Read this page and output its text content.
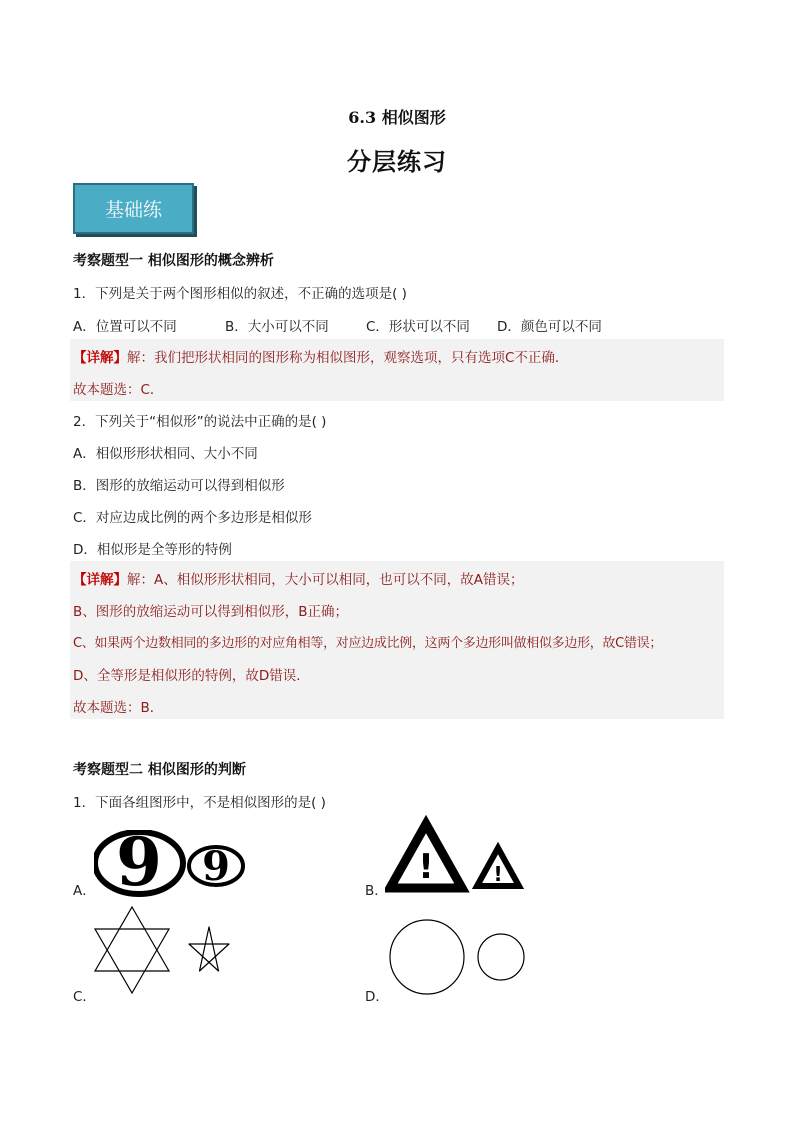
6.3 相似图形
分层练习
基础练
考察题型一 相似图形的概念辨析
1．下列是关于两个图形相似的叙述，不正确的选项是( )
A．位置可以不同	B．大小可以不同	C．形状可以不同 D．颜色可以不同
【详解】解：我们把形状相同的图形称为相似图形，观察选项，只有选项C不正确．
故本题选：C．
2．下列关于“相似形”的说法中正确的是( )
A．相似形形状相同、大小不同
B．图形的放缩运动可以得到相似形
C．对应边成比例的两个多边形是相似形
D．相似形是全等形的特例
【详解】解：A、相似形形状相同，大小可以相同，也可以不同，故A错误；
B、图形的放缩运动可以得到相似形，B正确；
C、如果两个边数相同的多边形的对应角相等，对应边成比例，这两个多边形叫做相似多边形，故C错误；
D、全等形是相似形的特例，故D错误．
故本题选：B．
考察题型二 相似图形的判断
1．下面各组图形中，不是相似图形的是( )
A． 9 9
B．
!	!
C．	D．
